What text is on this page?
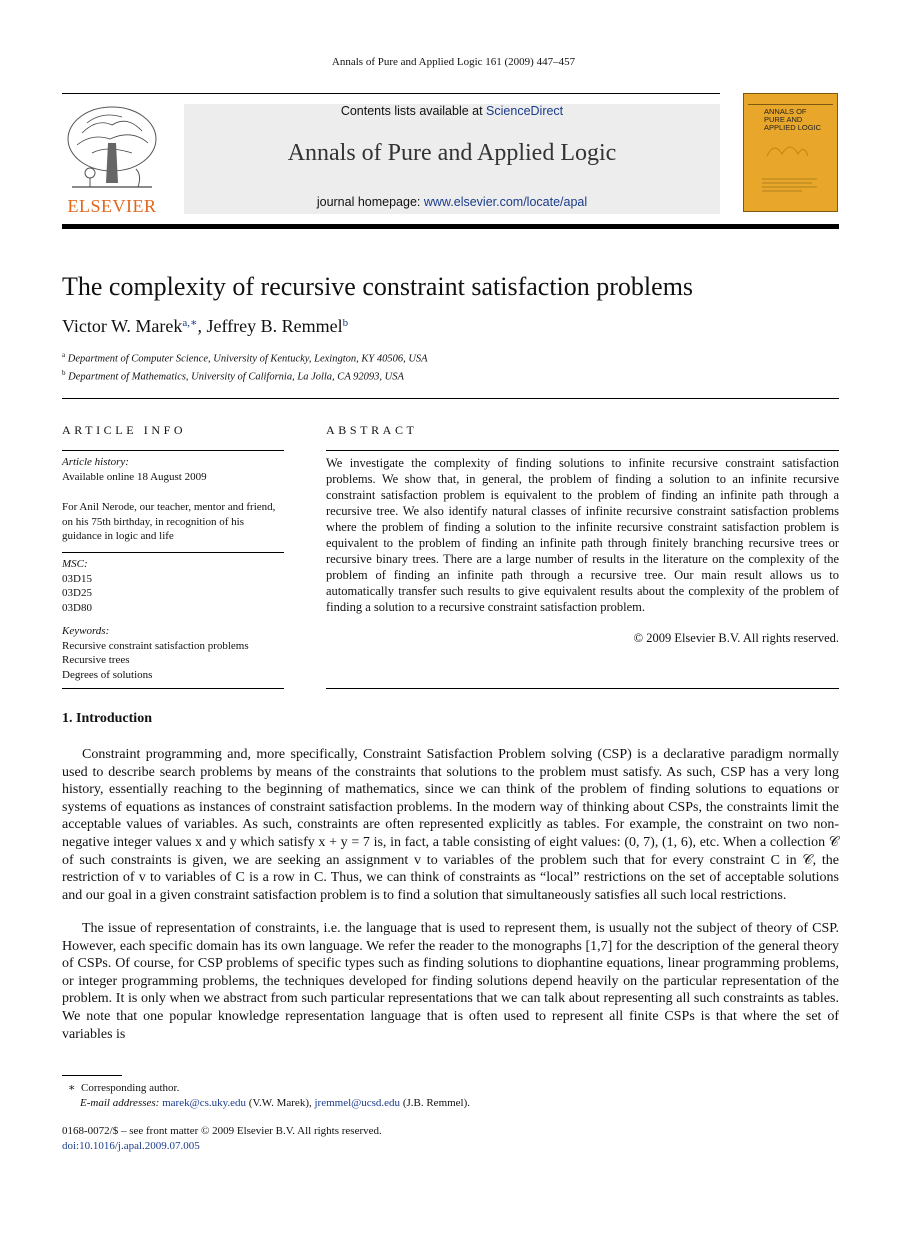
Annals of Pure and Applied Logic 161 (2009) 447–457
ELSEVIER
Contents lists available at ScienceDirect
Annals of Pure and Applied Logic
journal homepage: www.elsevier.com/locate/apal
ANNALS OF PURE AND APPLIED LOGIC
The complexity of recursive constraint satisfaction problems
Victor W. Marek$^{a,∗}$, Jeffrey B. Remmel$^b$
$^a$ Department of Computer Science, University of Kentucky, Lexington, KY 40506, USA
$^b$ Department of Mathematics, University of California, La Jolla, CA 92093, USA
ARTICLE INFO
Article history:
Available online 18 August 2009
For Anil Nerode, our teacher, mentor and friend, on his 75th birthday, in recognition of his guidance in logic and life
MSC:
03D15
03D25
03D80
Keywords:
Recursive constraint satisfaction problems
Recursive trees
Degrees of solutions
ABSTRACT
We investigate the complexity of finding solutions to infinite recursive constraint satisfaction problems. We show that, in general, the problem of finding a solution to an infinite recursive constraint satisfaction problem is equivalent to the problem of finding an infinite path through a recursive tree. We also identify natural classes of infinite recursive constraint satisfaction problems where the problem of finding a solution to the infinite recursive constraint satisfaction problem is equivalent to the problem of finding an infinite path through finitely branching recursive trees or recursive binary trees. There are a large number of results in the literature on the complexity of the problem of finding an infinite path through a recursive tree. Our main result allows us to automatically transfer such results to give equivalent results about the complexity of the problem of finding a solution to a recursive constraint satisfaction problem.
© 2009 Elsevier B.V. All rights reserved.
1. Introduction
Constraint programming and, more specifically, Constraint Satisfaction Problem solving (CSP) is a declarative paradigm normally used to describe search problems by means of the constraints that solutions to the problem must satisfy. As such, CSP has a very long history, essentially reaching to the beginning of mathematics, since we can think of the problem of finding solutions to equations or systems of equations as instances of constraint satisfaction problems. In the modern way of thinking about CSPs, the constraints limit the acceptable values of variables. As such, constraints are often represented explicitly as tables. For example, the constraint on two non-negative integer values x and y which satisfy x + y = 7 is, in fact, a table consisting of eight values: (0, 7), (1, 6), etc. When a collection 𝒞 of such constraints is given, we are seeking an assignment v to variables of the problem such that for every constraint C in 𝒞, the restriction of v to variables of C is a row in C. Thus, we can think of constraints as “local” restrictions on the set of acceptable solutions and our goal in a given constraint satisfaction problem is to find a solution that simultaneously satisfies all such local restrictions.
The issue of representation of constraints, i.e. the language that is used to represent them, is usually not the subject of theory of CSP. However, each specific domain has its own language. We refer the reader to the monographs [1,7] for the description of the general theory of CSPs. Of course, for CSP problems of specific types such as finding solutions to diophantine equations, linear programming problems, or integer programming problems, the techniques developed for finding solutions depend heavily on the particular representation of the problem. It is only when we abstract from such particular representations that we can talk about representing all such constraints as tables. We note that one popular knowledge representation language that is often used to represent all finite CSPs is that where the set of variables is
∗ Corresponding author.
E-mail addresses: marek@cs.uky.edu (V.W. Marek), jremmel@ucsd.edu (J.B. Remmel).
0168-0072/$ – see front matter © 2009 Elsevier B.V. All rights reserved.
doi:10.1016/j.apal.2009.07.005
